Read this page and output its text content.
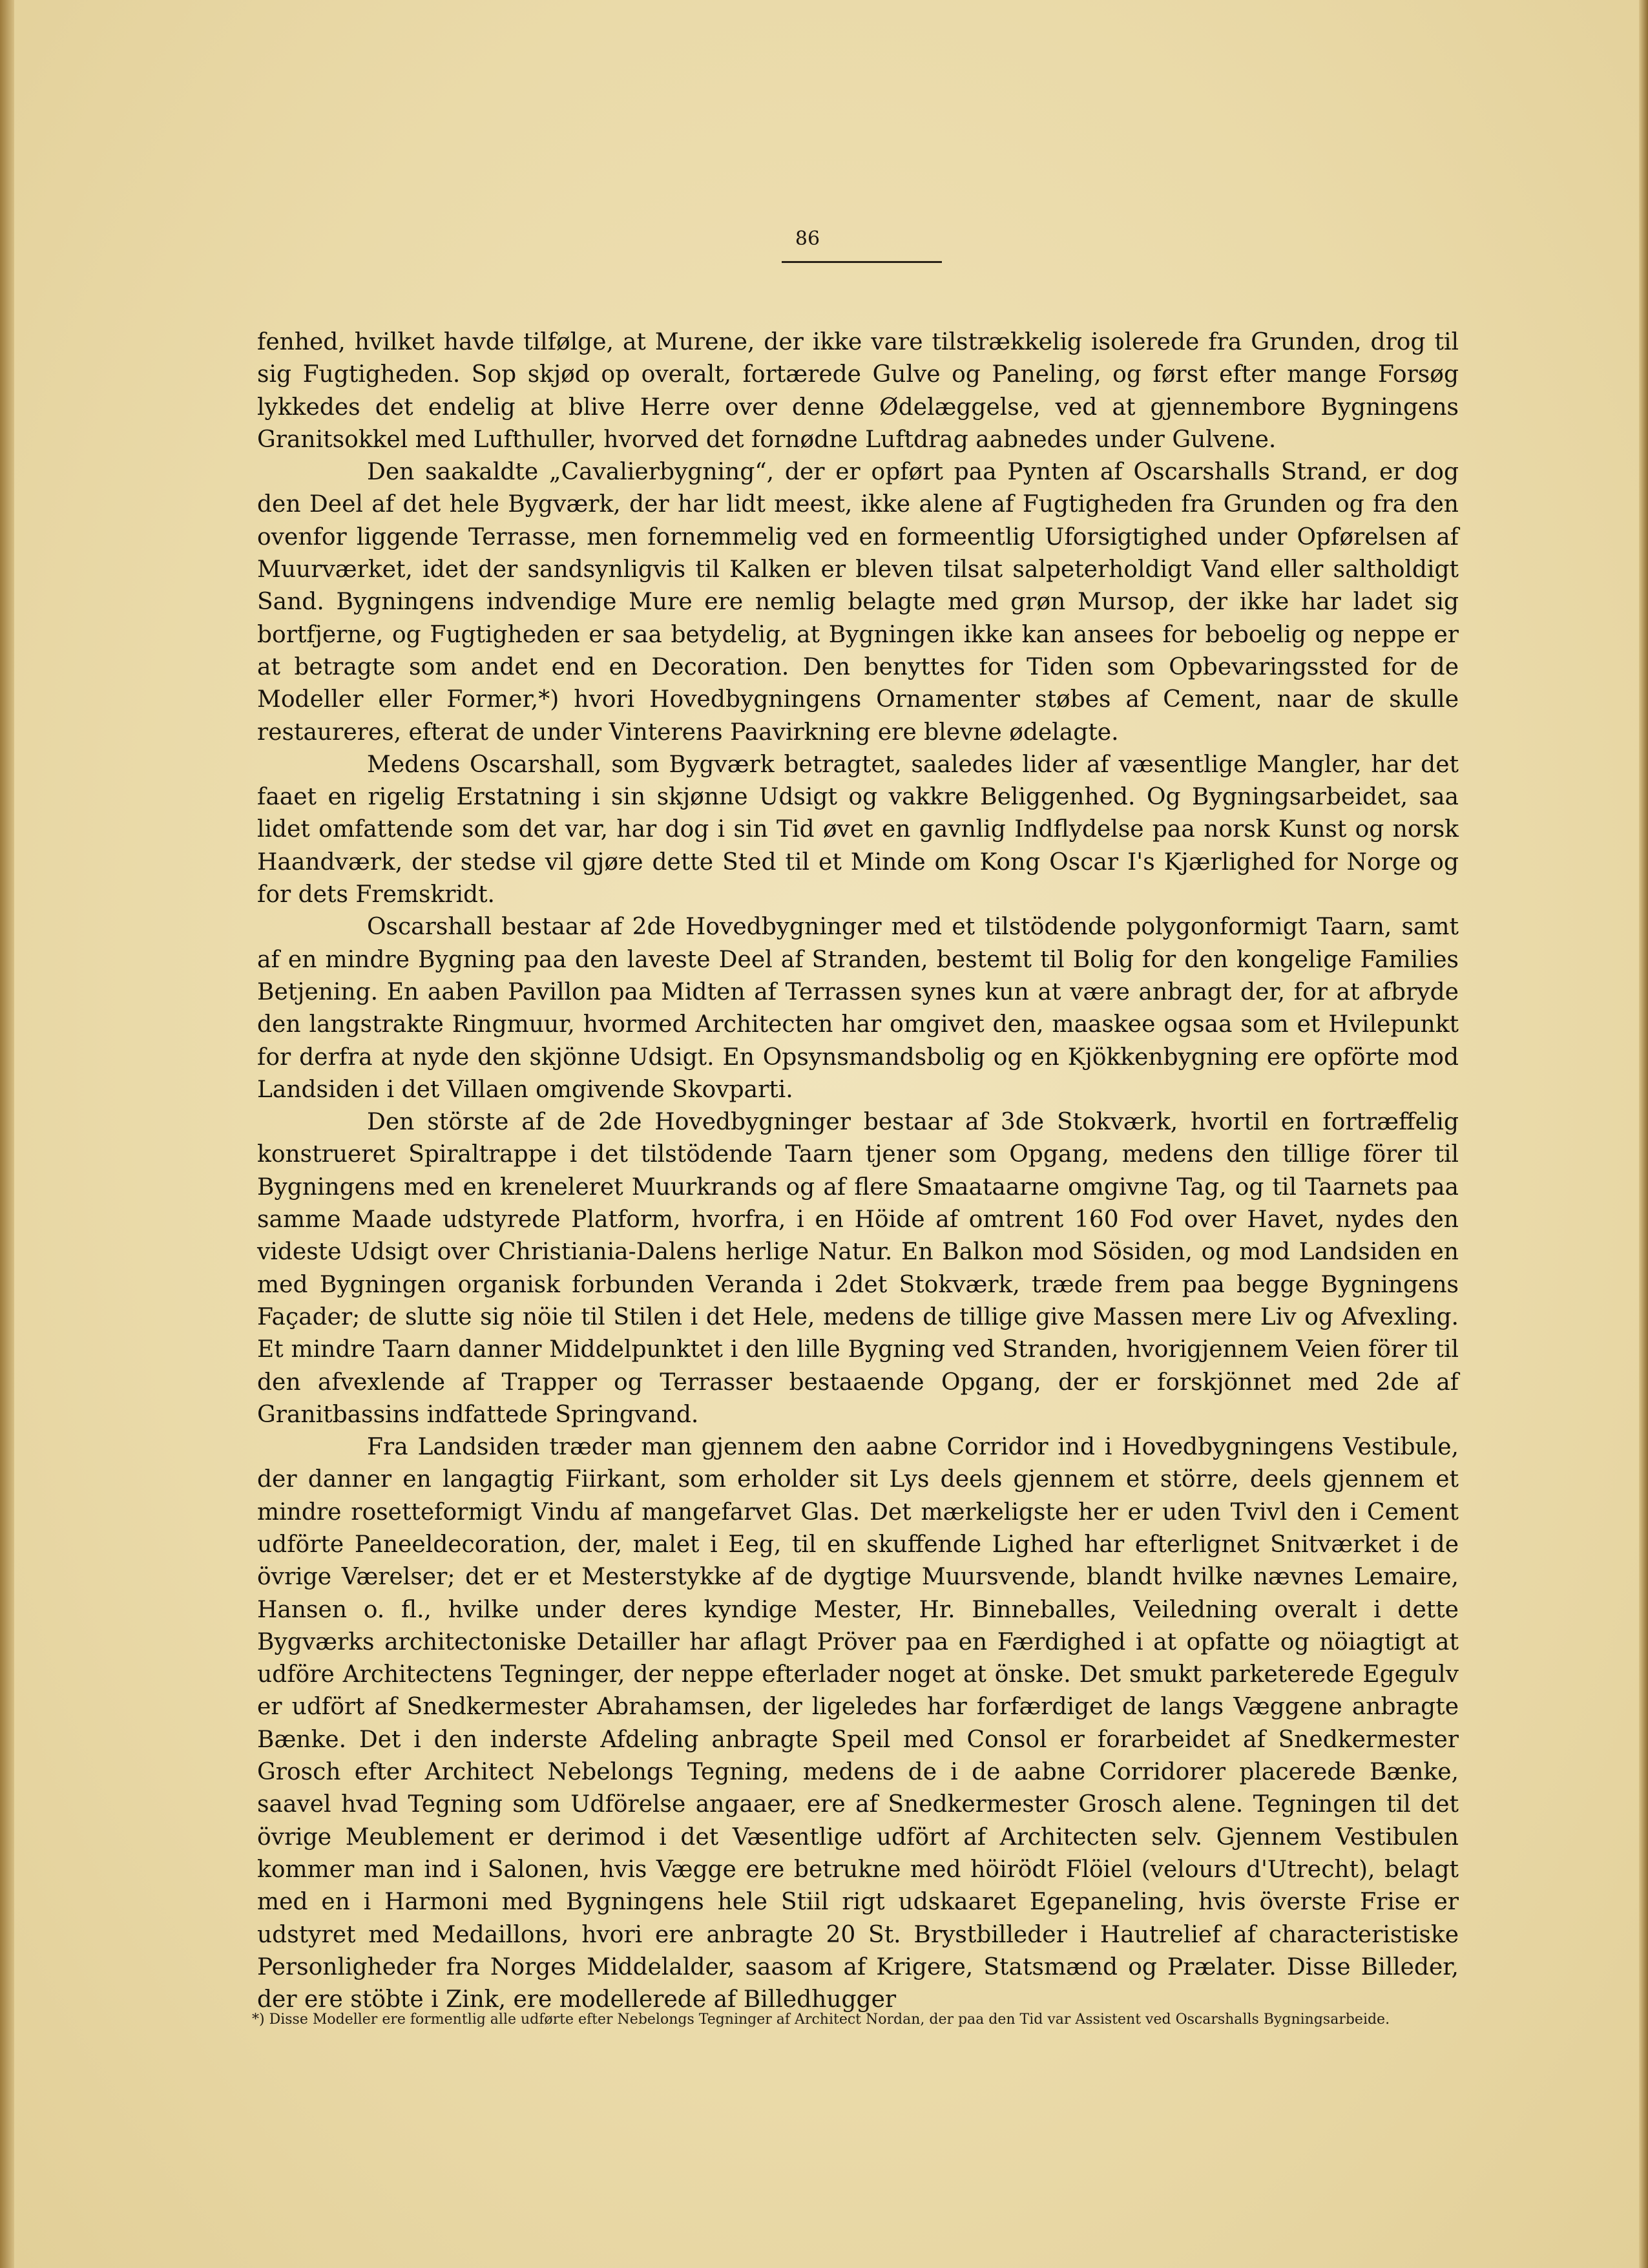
86

fenhed, hvilket havde tilfølge, at Murene, der ikke vare tilstrækkelig isolerede fra Grunden, drog til sig Fugtigheden. Sop skjød op overalt, fortærede Gulve og Paneling, og først efter mange Forsøg lykkedes det endelig at blive Herre over denne Ødelæggelse, ved at gjennembore Bygningens Granitsokkel med Lufthuller, hvorved det fornødne Luftdrag aabnedes under Gulvene.

Den saakaldte „Cavalierbygning“, der er opført paa Pynten af Oscarshalls Strand, er dog den Deel af det hele Bygværk, der har lidt meest, ikke alene af Fugtigheden fra Grunden og fra den ovenfor liggende Terrasse, men fornemmelig ved en formeentlig Uforsigtighed under Opførelsen af Muurværket, idet der sandsynligvis til Kalken er bleven tilsat salpeterholdigt Vand eller saltholdigt Sand. Bygningens indvendige Mure ere nemlig belagte med grøn Mursop, der ikke har ladet sig bortfjerne, og Fugtigheden er saa betydelig, at Bygningen ikke kan ansees for beboelig og neppe er at betragte som andet end en Decoration. Den benyttes for Tiden som Opbevaringssted for de Modeller eller Former,*) hvori Hovedbygningens Ornamenter støbes af Cement, naar de skulle restaureres, efterat de under Vinterens Paavirkning ere blevne ødelagte.

Medens Oscarshall, som Bygværk betragtet, saaledes lider af væsentlige Mangler, har det faaet en rigelig Erstatning i sin skjønne Udsigt og vakkre Beliggenhed. Og Bygningsarbeidet, saa lidet omfattende som det var, har dog i sin Tid øvet en gavnlig Indflydelse paa norsk Kunst og norsk Haandværk, der stedse vil gjøre dette Sted til et Minde om Kong Oscar I's Kjærlighed for Norge og for dets Fremskridt.

Oscarshall bestaar af 2de Hovedbygninger med et tilstödende polygonformigt Taarn, samt af en mindre Bygning paa den laveste Deel af Stranden, bestemt til Bolig for den kongelige Families Betjening. En aaben Pavillon paa Midten af Terrassen synes kun at være anbragt der, for at afbryde den langstrakte Ringmuur, hvormed Architecten har omgivet den, maaskee ogsaa som et Hvilepunkt for derfra at nyde den skjönne Udsigt. En Opsynsmandsbolig og en Kjökkenbygning ere opförte mod Landsiden i det Villaen omgivende Skovparti.

Den störste af de 2de Hovedbygninger bestaar af 3de Stokværk, hvortil en fortræffelig konstrueret Spiraltrappe i det tilstödende Taarn tjener som Opgang, medens den tillige förer til Bygningens med en kreneleret Muurkrands og af flere Smaataarne omgivne Tag, og til Taarnets paa samme Maade udstyrede Platform, hvorfra, i en Höide af omtrent 160 Fod over Havet, nydes den videste Udsigt over Christiania-Dalens herlige Natur. En Balkon mod Sösiden, og mod Landsiden en med Bygningen organisk forbunden Veranda i 2det Stokværk, træde frem paa begge Bygningens Façader; de slutte sig nöie til Stilen i det Hele, medens de tillige give Massen mere Liv og Afvexling. Et mindre Taarn danner Middelpunktet i den lille Bygning ved Stranden, hvorigjennem Veien förer til den afvexlende af Trapper og Terrasser bestaaende Opgang, der er forskjönnet med 2de af Granitbassins indfattede Springvand.

Fra Landsiden træder man gjennem den aabne Corridor ind i Hovedbygningens Vestibule, der danner en langagtig Fiirkant, som erholder sit Lys deels gjennem et större, deels gjennem et mindre rosetteformigt Vindu af mangefarvet Glas. Det mærkeligste her er uden Tvivl den i Cement udförte Paneeldecoration, der, malet i Eeg, til en skuffende Lighed har efterlignet Snitværket i de övrige Værelser; det er et Mesterstykke af de dygtige Muursvende, blandt hvilke nævnes Lemaire, Hansen o. fl., hvilke under deres kyndige Mester, Hr. Binneballes, Veiledning overalt i dette Bygværks architectoniske Detailler har aflagt Pröver paa en Færdighed i at opfatte og nöiagtigt at udföre Architectens Tegninger, der neppe efterlader noget at önske. Det smukt parketerede Egegulv er udfört af Snedkermester Abrahamsen, der ligeledes har forfærdiget de langs Væggene anbragte Bænke. Det i den inderste Afdeling anbragte Speil med Consol er forarbeidet af Snedkermester Grosch efter Architect Nebelongs Tegning, medens de i de aabne Corridorer placerede Bænke, saavel hvad Tegning som Udförelse angaaer, ere af Snedkermester Grosch alene. Tegningen til det övrige Meublement er derimod i det Væsentlige udfört af Architecten selv. Gjennem Vestibulen kommer man ind i Salonen, hvis Vægge ere betrukne med höirödt Flöiel (velours d'Utrecht), belagt med en i Harmoni med Bygningens hele Stiil rigt udskaaret Egepaneling, hvis överste Frise er udstyret med Medaillons, hvori ere anbragte 20 St. Brystbilleder i Hautrelief af characteristiske Personligheder fra Norges Middelalder, saasom af Krigere, Statsmænd og Prælater. Disse Billeder, der ere stöbte i Zink, ere modellerede af Billedhugger

*) Disse Modeller ere formentlig alle udførte efter Nebelongs Tegninger af Architect Nordan, der paa den Tid var Assistent ved Oscarshalls Bygningsarbeide.
